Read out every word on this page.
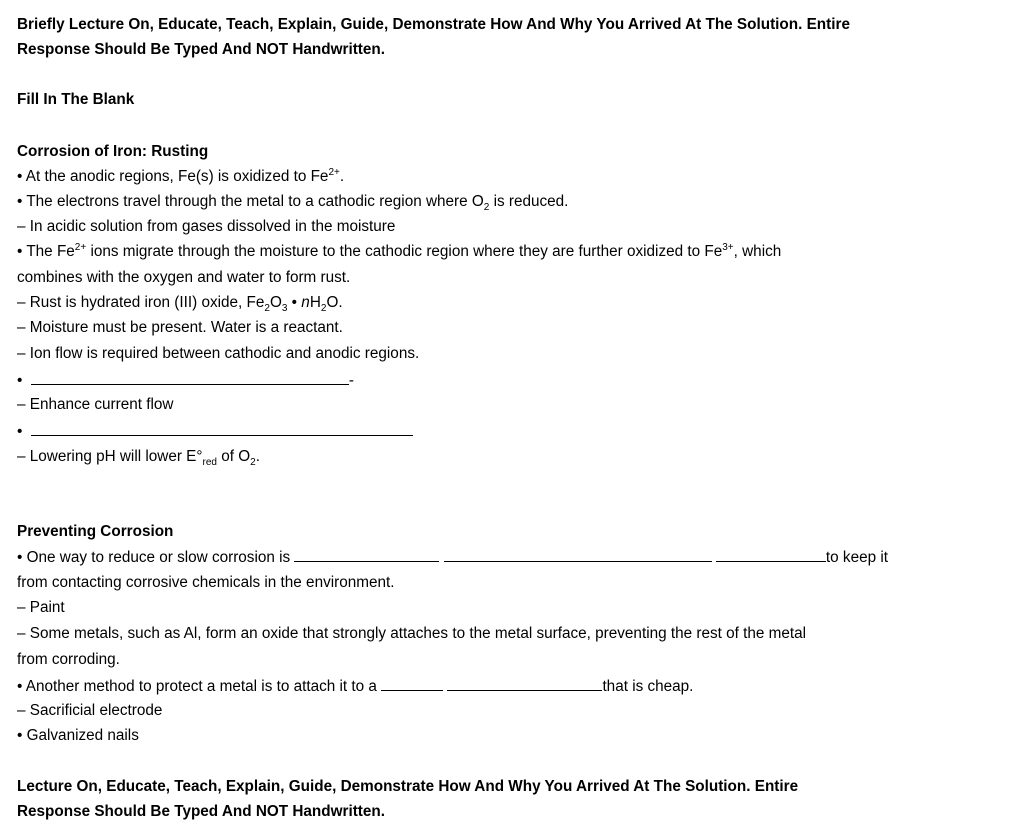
Briefly Lecture On, Educate, Teach, Explain, Guide, Demonstrate How And Why You Arrived At The Solution. Entire
Response Should Be Typed And NOT Handwritten.
Fill In The Blank
Corrosion of Iron: Rusting
• At the anodic regions, Fe(s) is oxidized to $Fe^{2+}$.
• The electrons travel through the metal to a cathodic region where $O_2$ is reduced.
– In acidic solution from gases dissolved in the moisture
• The $Fe^{2+}$ ions migrate through the moisture to the cathodic region where they are further oxidized to $Fe^{3+}$, which
combines with the oxygen and water to form rust.
– Rust is hydrated iron (III) oxide, $Fe_2O_3$ • $nH_2O$.
– Moisture must be present. Water is a reactant.
– Ion flow is required between cathodic and anodic regions.
•	-
– Enhance current flow
•
– Lowering pH will lower $E^\circ_{red}$ of $O_2$.
Preventing Corrosion
• One way to reduce or slow corrosion is	to keep it
from contacting corrosive chemicals in the environment.
– Paint
– Some metals, such as Al, form an oxide that strongly attaches to the metal surface, preventing the rest of the metal
from corroding.
• Another method to protect a metal is to attach it to a	that is cheap.
– Sacrificial electrode
• Galvanized nails
Lecture On, Educate, Teach, Explain, Guide, Demonstrate How And Why You Arrived At The Solution. Entire
Response Should Be Typed And NOT Handwritten.
